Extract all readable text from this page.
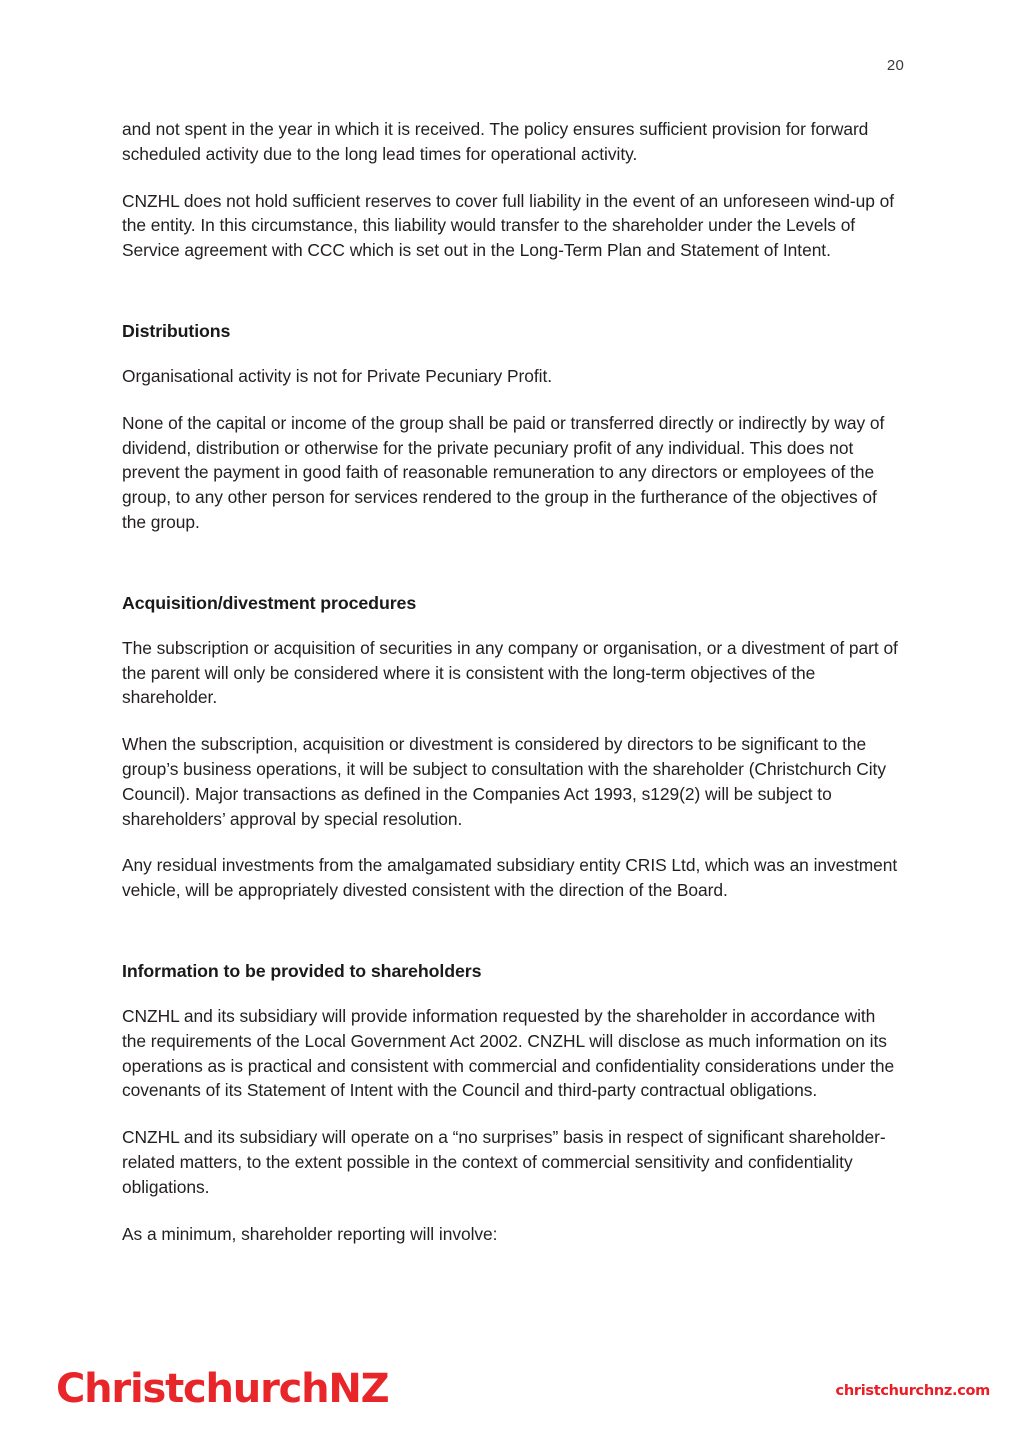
20

and not spent in the year in which it is received. The policy ensures sufficient provision for forward scheduled activity due to the long lead times for operational activity.

CNZHL does not hold sufficient reserves to cover full liability in the event of an unforeseen wind-up of the entity. In this circumstance, this liability would transfer to the shareholder under the Levels of Service agreement with CCC which is set out in the Long-Term Plan and Statement of Intent.

Distributions

Organisational activity is not for Private Pecuniary Profit.

None of the capital or income of the group shall be paid or transferred directly or indirectly by way of dividend, distribution or otherwise for the private pecuniary profit of any individual. This does not prevent the payment in good faith of reasonable remuneration to any directors or employees of the group, to any other person for services rendered to the group in the furtherance of the objectives of the group.

Acquisition/divestment procedures

The subscription or acquisition of securities in any company or organisation, or a divestment of part of the parent will only be considered where it is consistent with the long-term objectives of the shareholder.

When the subscription, acquisition or divestment is considered by directors to be significant to the group’s business operations, it will be subject to consultation with the shareholder (Christchurch City Council). Major transactions as defined in the Companies Act 1993, s129(2) will be subject to shareholders’ approval by special resolution.

Any residual investments from the amalgamated subsidiary entity CRIS Ltd, which was an investment vehicle, will be appropriately divested consistent with the direction of the Board.

Information to be provided to shareholders

CNZHL and its subsidiary will provide information requested by the shareholder in accordance with the requirements of the Local Government Act 2002. CNZHL will disclose as much information on its operations as is practical and consistent with commercial and confidentiality considerations under the covenants of its Statement of Intent with the Council and third-party contractual obligations.

CNZHL and its subsidiary will operate on a “no surprises” basis in respect of significant shareholder-related matters, to the extent possible in the context of commercial sensitivity and confidentiality obligations.

As a minimum, shareholder reporting will involve:

ChristchurchNZ	christchurchnz.com
